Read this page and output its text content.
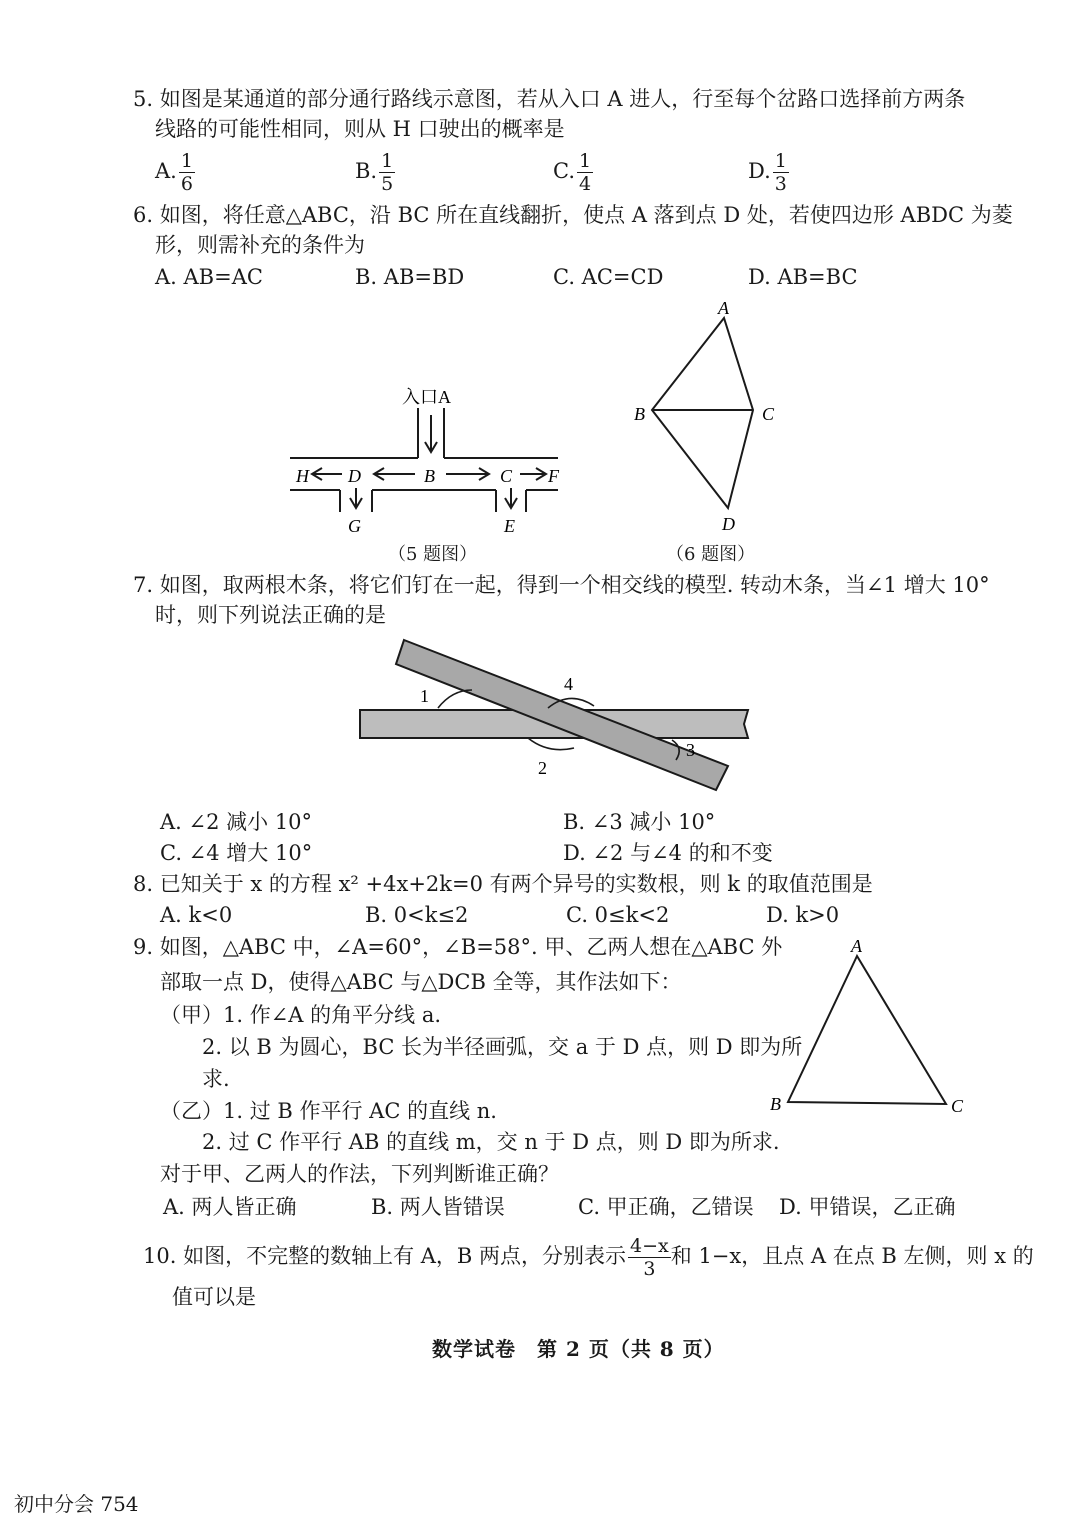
5. 如图是某通道的部分通行路线示意图，若从入口 A 进人，行至每个岔路口选择前方两条
线路的可能性相同，则从 H 口驶出的概率是
A. $\frac{1}{6}$	B. $\frac{1}{5}$	C. $\frac{1}{4}$	D. $\frac{1}{3}$
6. 如图，将任意△ABC，沿 BC 所在直线翻折，使点 A 落到点 D 处，若使四边形 ABDC 为菱
形，则需补充的条件为
A. AB=AC	B. AB=BD	C. AC=CD	D. AB=BC
入口A
H D	B	C F
G	E
（5 题图）
A
B	C
D
（6 题图）
7. 如图，取两根木条，将它们钉在一起，得到一个相交线的模型. 转动木条，当∠1 增大 10°
时，则下列说法正确的是
1
2
3
4
A. ∠2 减小 10°	B. ∠3 减小 10°
C. ∠4 增大 10°	D. ∠2 与∠4 的和不变
8. 已知关于 x 的方程 x² +4x+2k=0 有两个异号的实数根，则 k 的取值范围是
A. k<0	B. 0<k≤2	C. 0≤k<2	D. k>0
9. 如图，△ABC 中，∠A=60°，∠B=58°. 甲、乙两人想在△ABC 外
部取一点 D，使得△ABC 与△DCB 全等，其作法如下：
（甲）1. 作∠A 的角平分线 a.
2. 以 B 为圆心，BC 长为半径画弧，交 a 于 D 点，则 D 即为所
求.
（乙）1. 过 B 作平行 AC 的直线 n.
2. 过 C 作平行 AB 的直线 m，交 n 于 D 点，则 D 即为所求.
对于甲、乙两人的作法，下列判断谁正确？
A. 两人皆正确	B. 两人皆错误	C. 甲正确，乙错误 D. 甲错误，乙正确
A
B	C
10. 如图，不完整的数轴上有 A，B 两点，分别表示 $\frac{4-x}{3}$ 和 1−x，且点 A 在点 B 左侧，则 x 的
值可以是
数学试卷　第 2 页（共 8 页）
初中分会 754
